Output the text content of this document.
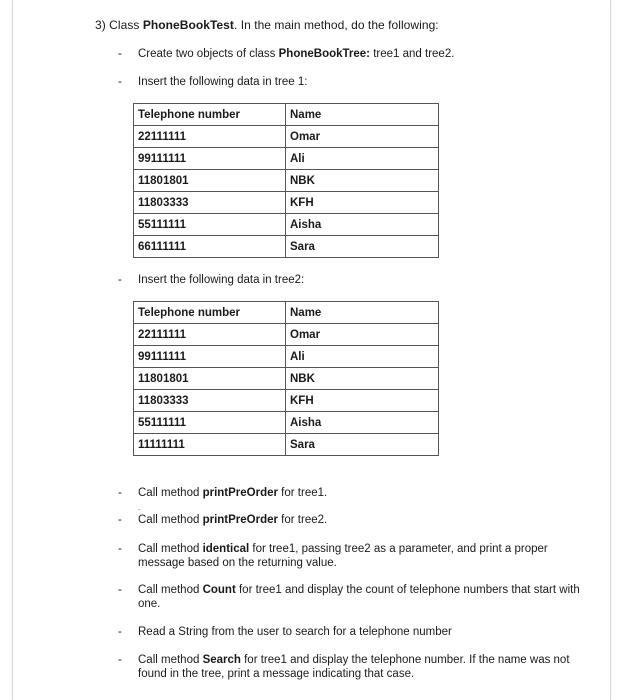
3) Class PhoneBookTest. In the main method, do the following:
- Create two objects of class PhoneBookTree: tree1 and tree2.
- Insert the following data in tree 1:
Telephone number	Name
22111111	Omar
99111111	Ali
11801801	NBK
11803333	KFH
55111111	Aisha
66111111	Sara
- Insert the following data in tree2:
Telephone number	Name
22111111	Omar
99111111	Ali
11801801	NBK
11803333	KFH
55111111	Aisha
11111111	Sara
- Call method printPreOrder for tree1.
.
- Call method printPreOrder for tree2.
- Call method identical for tree1, passing tree2 as a parameter, and print a proper message based on the returning value.
- Call method Count for tree1 and display the count of telephone numbers that start with one.
- Read a String from the user to search for a telephone number
- Call method Search for tree1 and display the telephone number. If the name was not found in the tree, print a message indicating that case.
